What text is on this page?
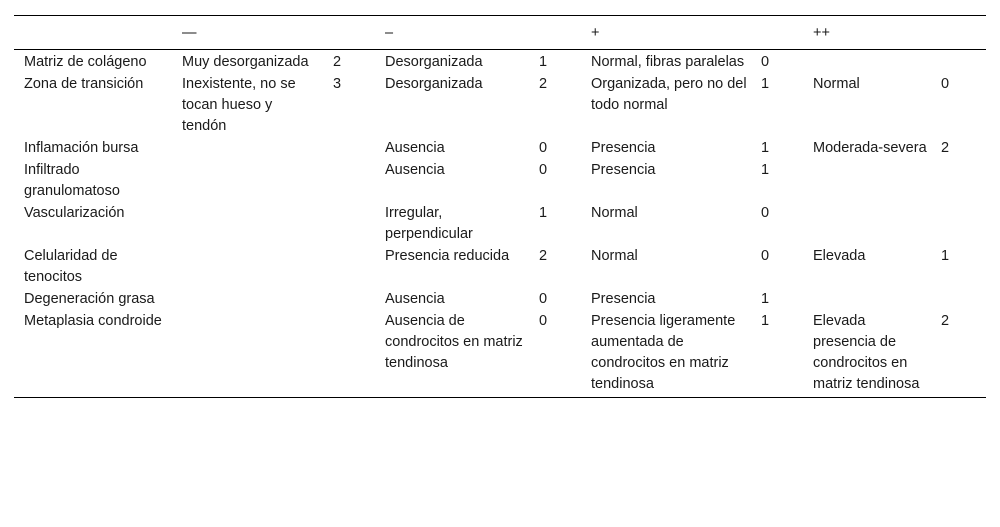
	—		–		+		++	
Matriz de colágeno	Muy desorganizada	2	Desorganizada	1	Normal, fibras paralelas	0		
Zona de transición	Inexistente, no se tocan hueso y tendón	3	Desorganizada	2	Organizada, pero no del todo normal	1	Normal	0
Inflamación bursa			Ausencia	0	Presencia	1	Moderada-severa	2
Infiltrado granulomatoso			Ausencia	0	Presencia	1		
Vascularización			Irregular, perpendicular	1	Normal	0		
Celularidad de tenocitos			Presencia reducida	2	Normal	0	Elevada	1
Degeneración grasa			Ausencia	0	Presencia	1		
Metaplasia condroide			Ausencia de condrocitos en matriz tendinosa	0	Presencia ligeramente aumentada de condrocitos en matriz tendinosa	1	Elevada presencia de condrocitos en matriz tendinosa	2
